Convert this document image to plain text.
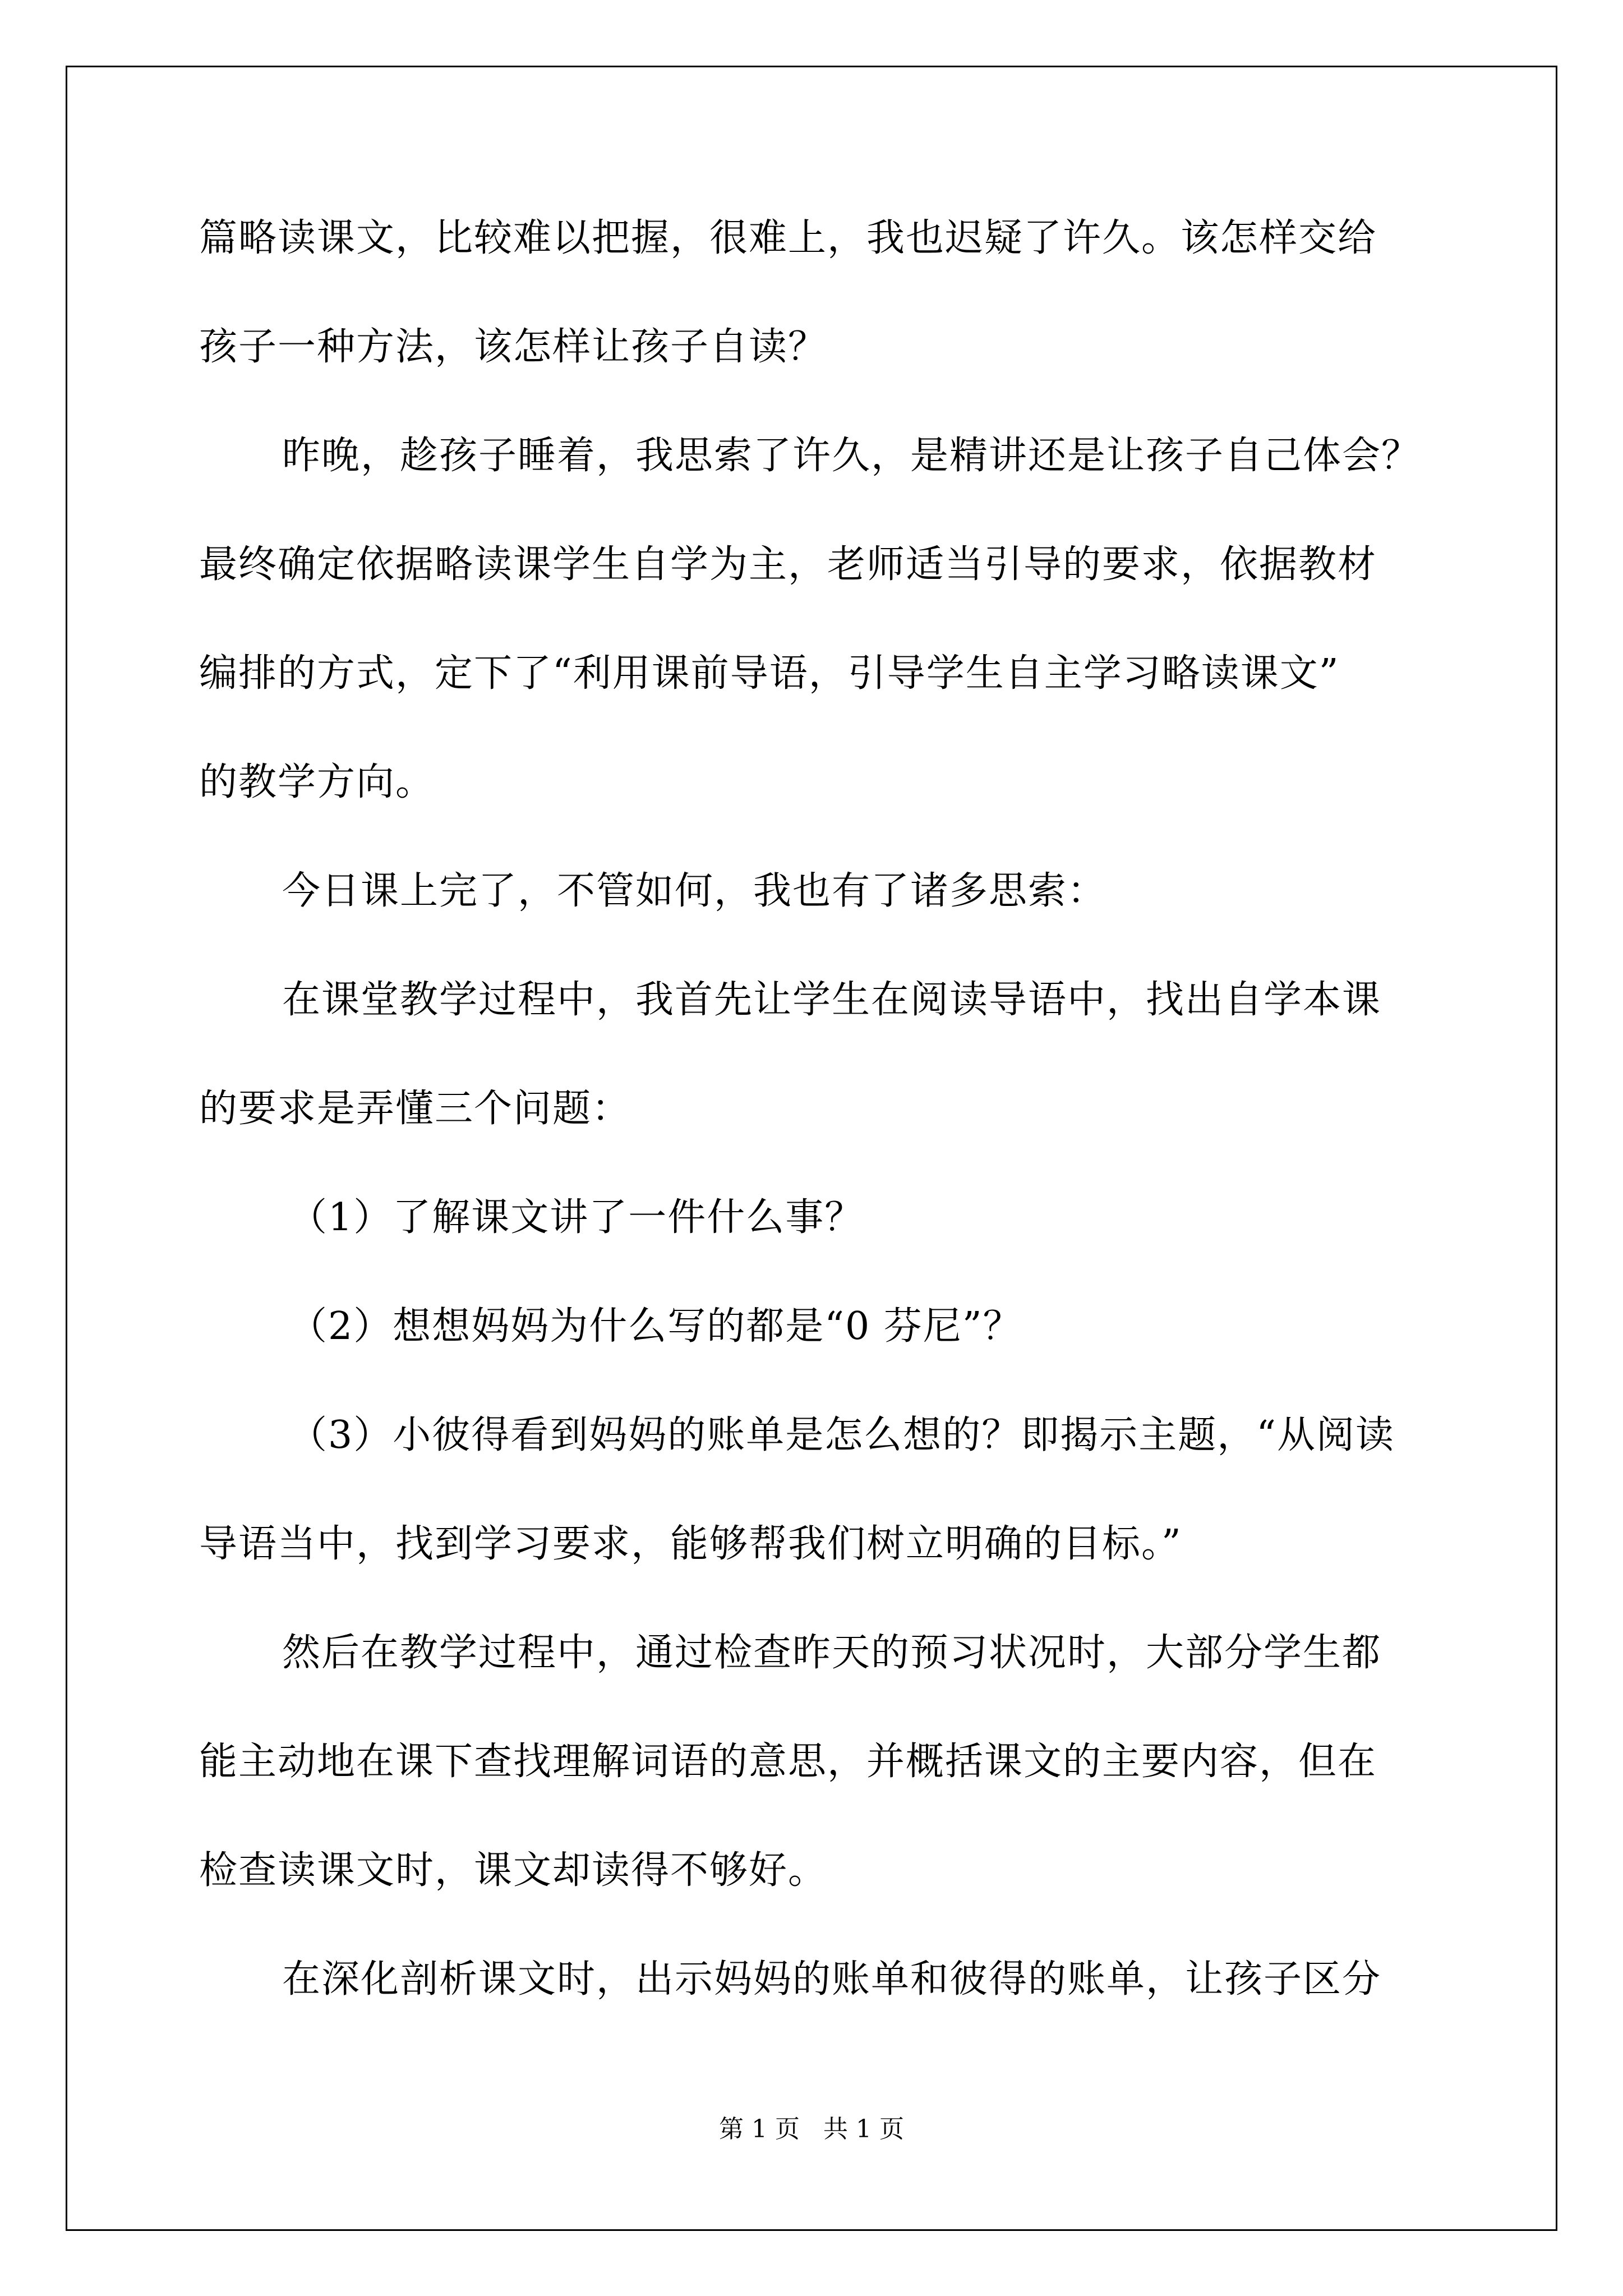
篇略读课文，比较难以把握，很难上，我也迟疑了许久。该怎样交给
孩子一种方法，该怎样让孩子自读？
昨晚，趁孩子睡着，我思索了许久，是精讲还是让孩子自己体会？
最终确定依据略读课学生自学为主，老师适当引导的要求，依据教材
编排的方式，定下了“利用课前导语，引导学生自主学习略读课文”
的教学方向。
今日课上完了，不管如何，我也有了诸多思索：
在课堂教学过程中，我首先让学生在阅读导语中，找出自学本课
的要求是弄懂三个问题：
（1）了解课文讲了一件什么事？
（2）想想妈妈为什么写的都是“0 芬尼”？
（3）小彼得看到妈妈的账单是怎么想的？即揭示主题，“从阅读
导语当中，找到学习要求，能够帮我们树立明确的目标。”
然后在教学过程中，通过检查昨天的预习状况时，大部分学生都
能主动地在课下查找理解词语的意思，并概括课文的主要内容，但在
检查读课文时，课文却读得不够好。
在深化剖析课文时，出示妈妈的账单和彼得的账单，让孩子区分
第 1 页   共 1 页
